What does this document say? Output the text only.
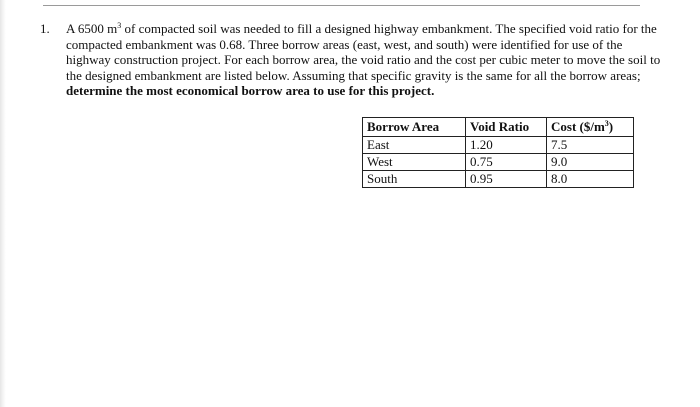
1.	A 6500 $m^3$ of compacted soil was needed to fill a designed highway embankment. The specified void ratio for the compacted embankment was 0.68. Three borrow areas (east, west, and south) were identified for use of the highway construction project. For each borrow area, the void ratio and the cost per cubic meter to move the soil to the designed embankment are listed below. Assuming that specific gravity is the same for all the borrow areas; determine the most economical borrow area to use for this project.
Borrow Area	Void Ratio	Cost $(\$/m^3)$
East	1.20	7.5
West	0.75	9.0
South	0.95	8.0
